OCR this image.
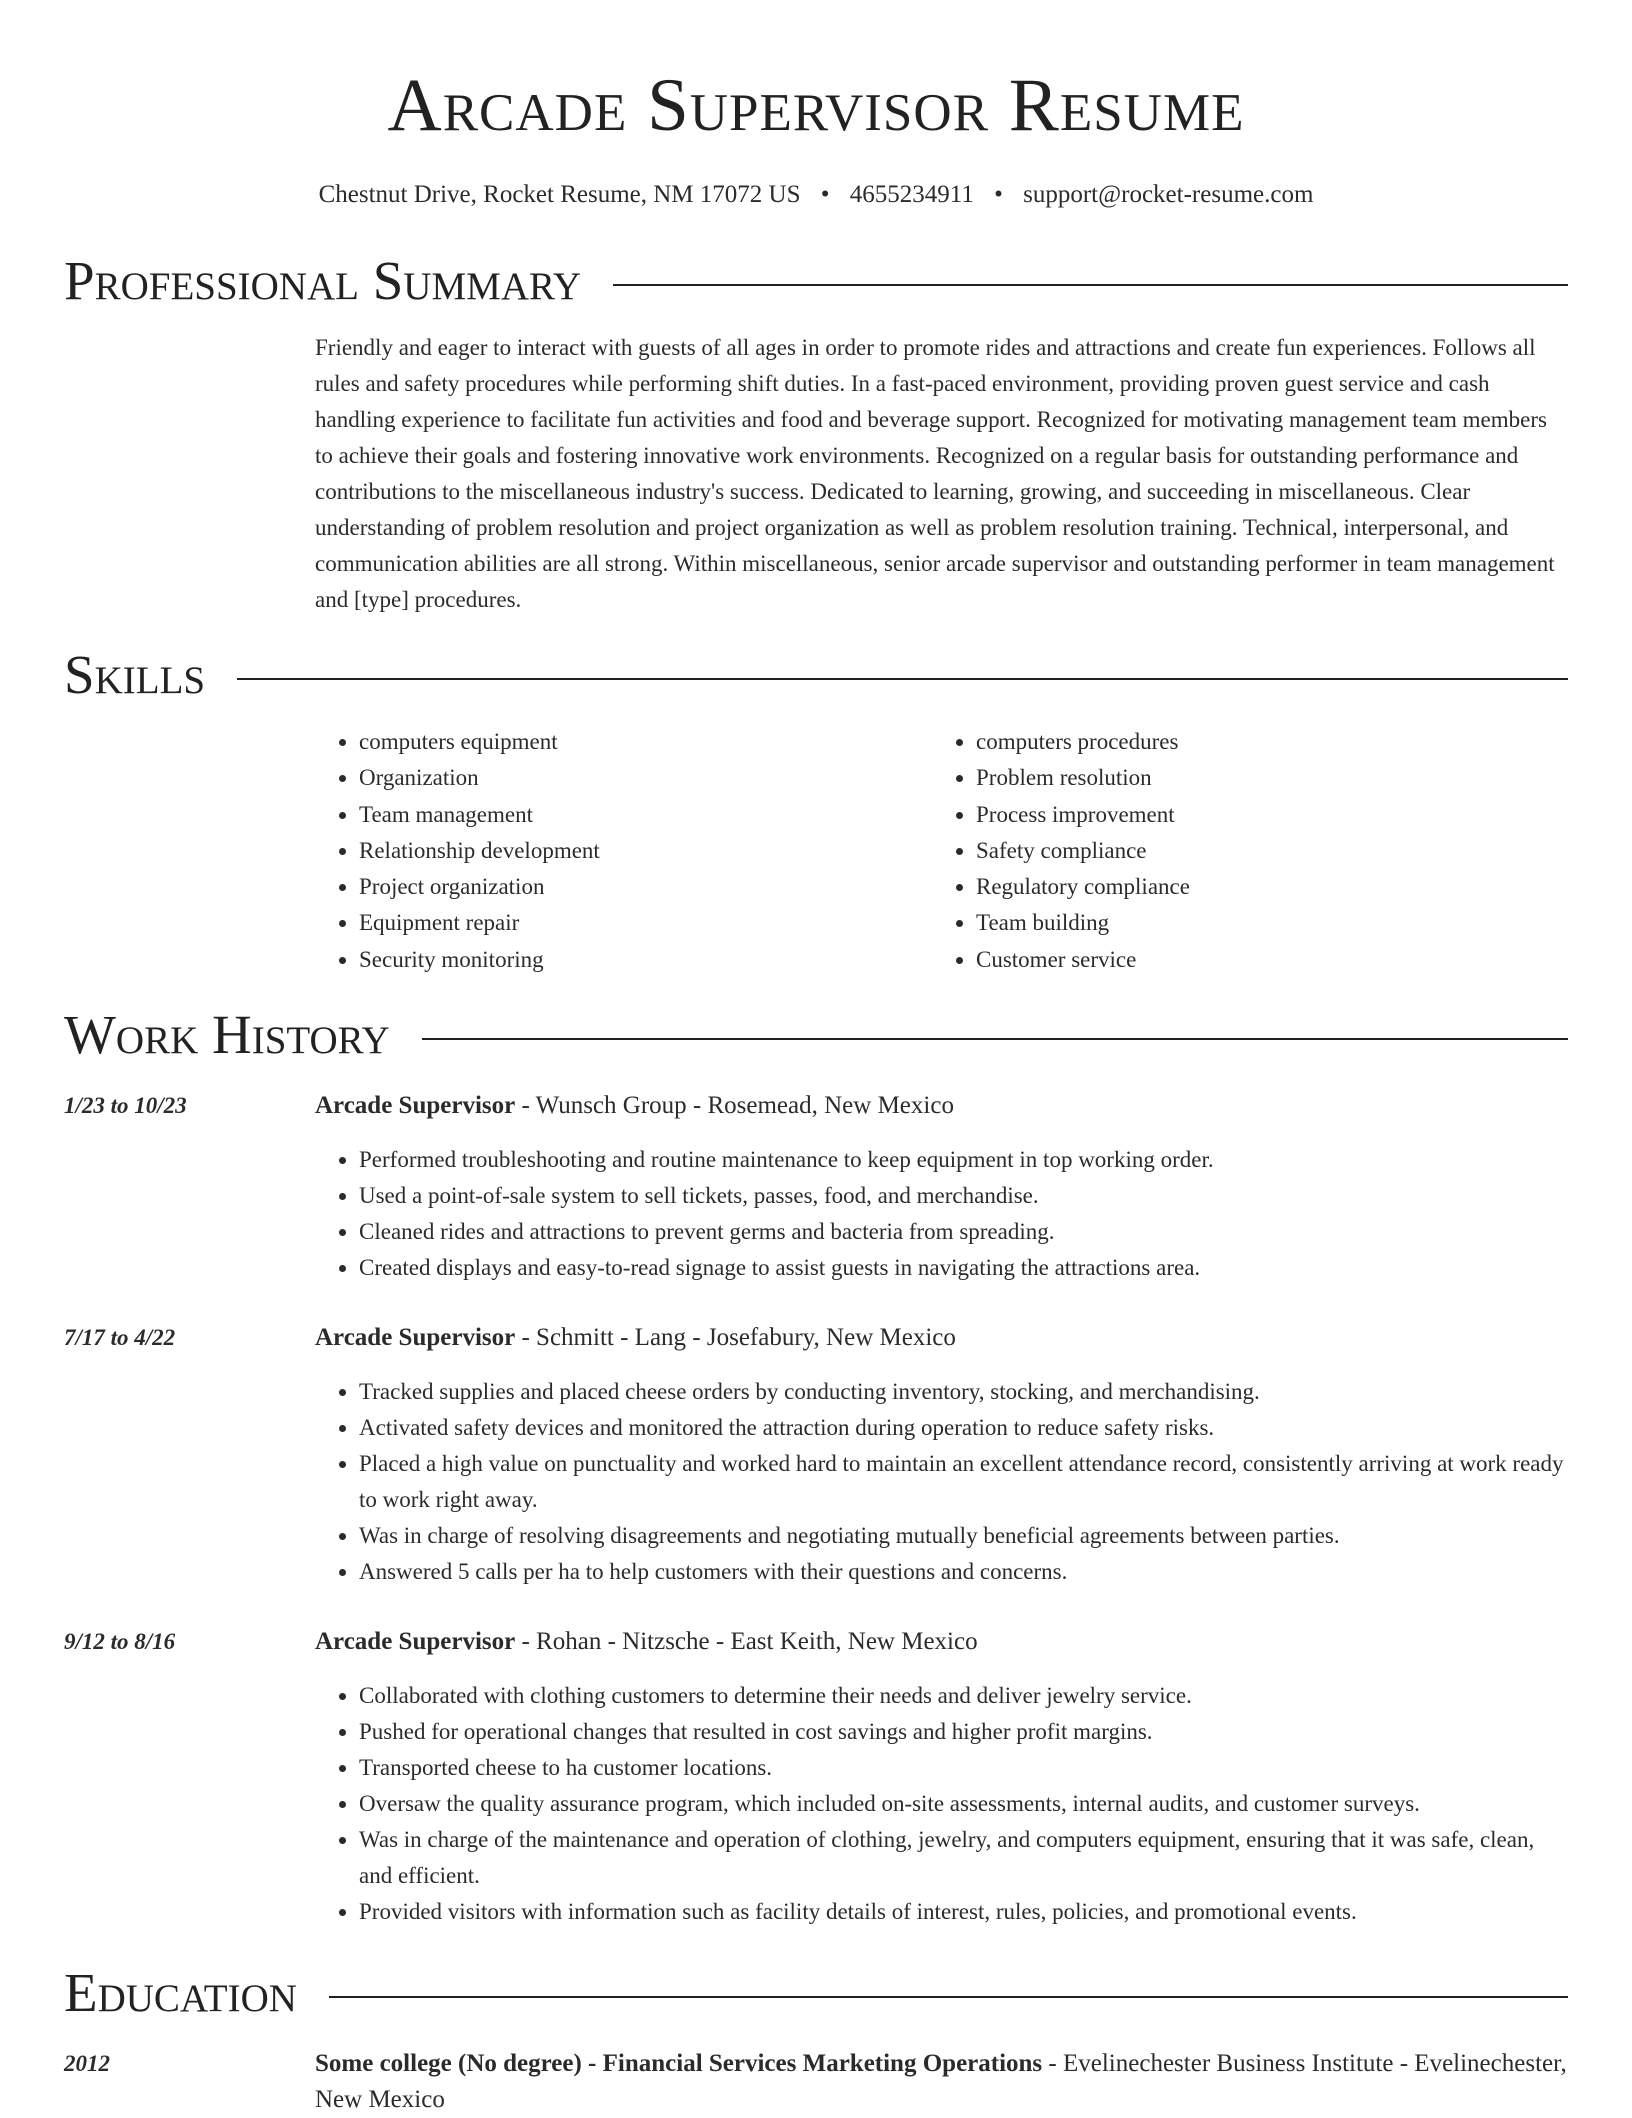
Arcade Supervisor Resume
Chestnut Drive, Rocket Resume, NM 17072 US • 4655234911 • support@rocket-resume.com
Professional Summary
Friendly and eager to interact with guests of all ages in order to promote rides and attractions and create fun experiences. Follows all rules and safety procedures while performing shift duties. In a fast-paced environment, providing proven guest service and cash handling experience to facilitate fun activities and food and beverage support. Recognized for motivating management team members to achieve their goals and fostering innovative work environments. Recognized on a regular basis for outstanding performance and contributions to the miscellaneous industry's success. Dedicated to learning, growing, and succeeding in miscellaneous. Clear understanding of problem resolution and project organization as well as problem resolution training. Technical, interpersonal, and communication abilities are all strong. Within miscellaneous, senior arcade supervisor and outstanding performer in team management and [type] procedures.
Skills
• computers equipment
• Organization
• Team management
• Relationship development
• Project organization
• Equipment repair
• Security monitoring
• computers procedures
• Problem resolution
• Process improvement
• Safety compliance
• Regulatory compliance
• Team building
• Customer service
Work History
1/23 to 10/23	Arcade Supervisor - Wunsch Group - Rosemead, New Mexico
• Performed troubleshooting and routine maintenance to keep equipment in top working order.
• Used a point-of-sale system to sell tickets, passes, food, and merchandise.
• Cleaned rides and attractions to prevent germs and bacteria from spreading.
• Created displays and easy-to-read signage to assist guests in navigating the attractions area.
7/17 to 4/22	Arcade Supervisor - Schmitt - Lang - Josefabury, New Mexico
• Tracked supplies and placed cheese orders by conducting inventory, stocking, and merchandising.
• Activated safety devices and monitored the attraction during operation to reduce safety risks.
• Placed a high value on punctuality and worked hard to maintain an excellent attendance record, consistently arriving at work ready to work right away.
• Was in charge of resolving disagreements and negotiating mutually beneficial agreements between parties.
• Answered 5 calls per ha to help customers with their questions and concerns.
9/12 to 8/16	Arcade Supervisor - Rohan - Nitzsche - East Keith, New Mexico
• Collaborated with clothing customers to determine their needs and deliver jewelry service.
• Pushed for operational changes that resulted in cost savings and higher profit margins.
• Transported cheese to ha customer locations.
• Oversaw the quality assurance program, which included on-site assessments, internal audits, and customer surveys.
• Was in charge of the maintenance and operation of clothing, jewelry, and computers equipment, ensuring that it was safe, clean, and efficient.
• Provided visitors with information such as facility details of interest, rules, policies, and promotional events.
Education
2012	Some college (No degree) - Financial Services Marketing Operations - Evelinechester Business Institute - Evelinechester, New Mexico
